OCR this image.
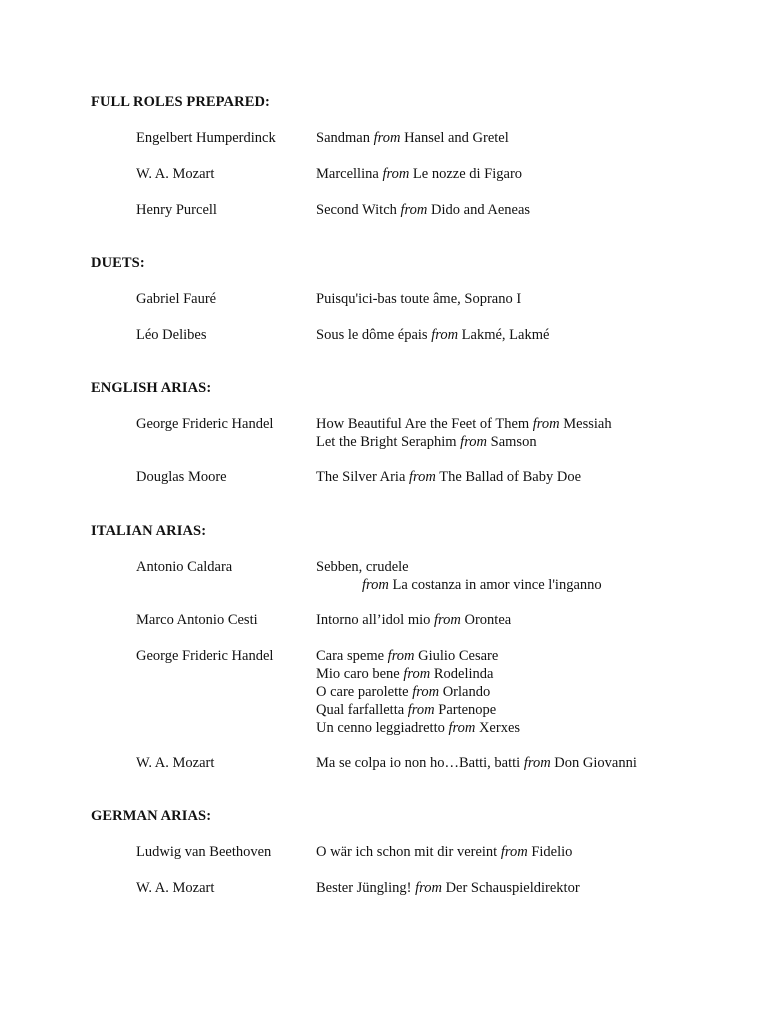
FULL ROLES PREPARED:
Engelbert Humperdinck	Sandman from Hansel and Gretel
W. A. Mozart	Marcellina from Le nozze di Figaro
Henry Purcell	Second Witch from Dido and Aeneas
DUETS:
Gabriel Fauré	Puisqu'ici-bas toute âme, Soprano I
Léo Delibes	Sous le dôme épais from Lakmé, Lakmé
ENGLISH ARIAS:
George Frideric Handel	How Beautiful Are the Feet of Them from Messiah
Let the Bright Seraphim from Samson
Douglas Moore	The Silver Aria from The Ballad of Baby Doe
ITALIAN ARIAS:
Antonio Caldara	Sebben, crudele
from La costanza in amor vince l'inganno
Marco Antonio Cesti	Intorno all’idol mio from Orontea
George Frideric Handel	Cara speme from Giulio Cesare
Mio caro bene from Rodelinda
O care parolette from Orlando
Qual farfalletta from Partenope
Un cenno leggiadretto from Xerxes
W. A. Mozart	Ma se colpa io non ho…Batti, batti from Don Giovanni
GERMAN ARIAS:
Ludwig van Beethoven	O wär ich schon mit dir vereint from Fidelio
W. A. Mozart	Bester Jüngling! from Der Schauspieldirektor
